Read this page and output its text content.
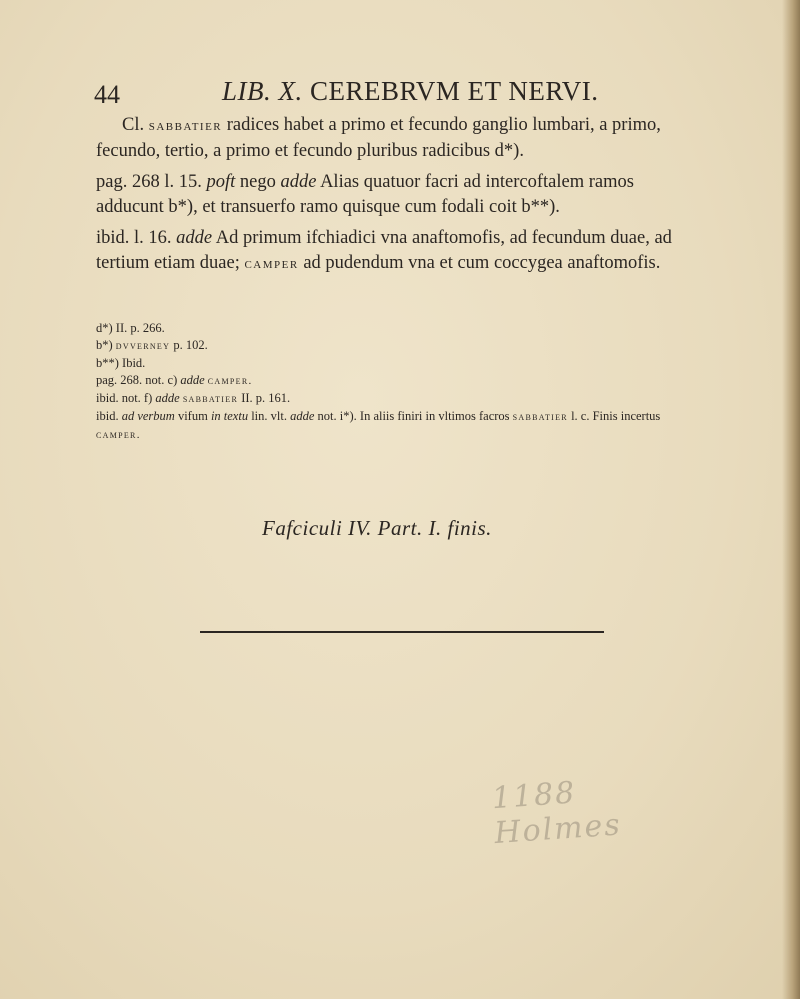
44	LIB. X. CEREBRVM ET NERVI.

Cl. sabbatier radices habet a primo et fecundo ganglio lumbari, a primo, fecundo, tertio, a primo et fecundo pluribus radicibus d*).

pag. 268 l. 15. poft nego adde Alias quatuor facri ad intercoftalem ramos adducunt b*), et transuerfo ramo quisque cum fodali coit b**).

ibid. l. 16. adde Ad primum ifchiadici vna anaftomofis, ad fecundum duae, ad tertium etiam duae; camper ad pudendum vna et cum coccygea anaftomofis.

d*) II. p. 266.
b*) dvverney p. 102.
b**) Ibid.
pag. 268. not. c) adde camper.
ibid. not. f) adde sabbatier II. p. 161.
ibid. ad verbum vifum in textu lin. vlt. adde not. i*). In aliis finiri in vltimos facros sabbatier l. c. Finis incertus camper.
Fafciculi IV. Part. I. finis.
1188 Holmes
